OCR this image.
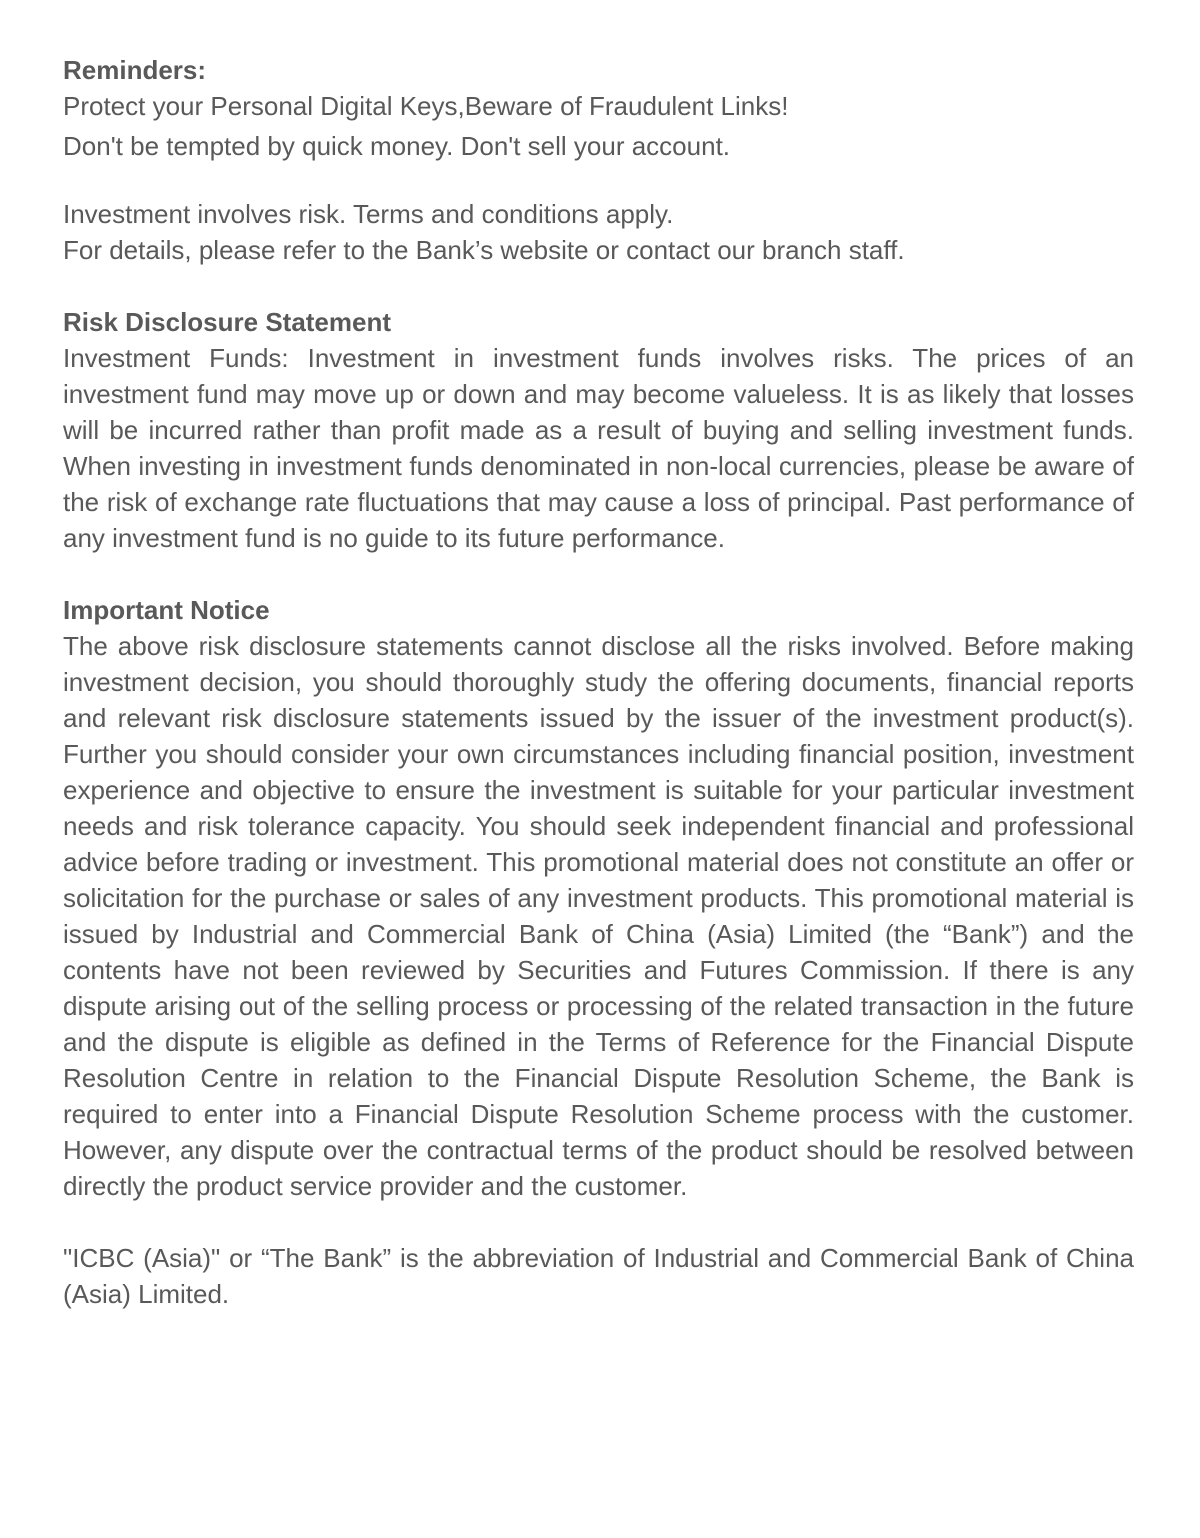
Reminders:

Protect your Personal Digital Keys,Beware of Fraudulent Links!

Don't be tempted by quick money. Don't sell your account.

Investment involves risk. Terms and conditions apply.

For details, please refer to the Bank’s website or contact our branch staff.

Risk Disclosure Statement

Investment Funds: Investment in investment funds involves risks. The prices of an investment fund may move up or down and may become valueless. It is as likely that losses will be incurred rather than profit made as a result of buying and selling investment funds. When investing in investment funds denominated in non-local currencies, please be aware of the risk of exchange rate fluctuations that may cause a loss of principal. Past performance of any investment fund is no guide to its future performance.

Important Notice

The above risk disclosure statements cannot disclose all the risks involved. Before making investment decision, you should thoroughly study the offering documents, financial reports and relevant risk disclosure statements issued by the issuer of the investment product(s). Further you should consider your own circumstances including financial position, investment experience and objective to ensure the investment is suitable for your particular investment needs and risk tolerance capacity. You should seek independent financial and professional advice before trading or investment. This promotional material does not constitute an offer or solicitation for the purchase or sales of any investment products. This promotional material is issued by Industrial and Commercial Bank of China (Asia) Limited (the “Bank”) and the contents have not been reviewed by Securities and Futures Commission. If there is any dispute arising out of the selling process or processing of the related transaction in the future and the dispute is eligible as defined in the Terms of Reference for the Financial Dispute Resolution Centre in relation to the Financial Dispute Resolution Scheme, the Bank is required to enter into a Financial Dispute Resolution Scheme process with the customer. However, any dispute over the contractual terms of the product should be resolved between directly the product service provider and the customer.

"ICBC (Asia)" or “The Bank” is the abbreviation of Industrial and Commercial Bank of China (Asia) Limited.
